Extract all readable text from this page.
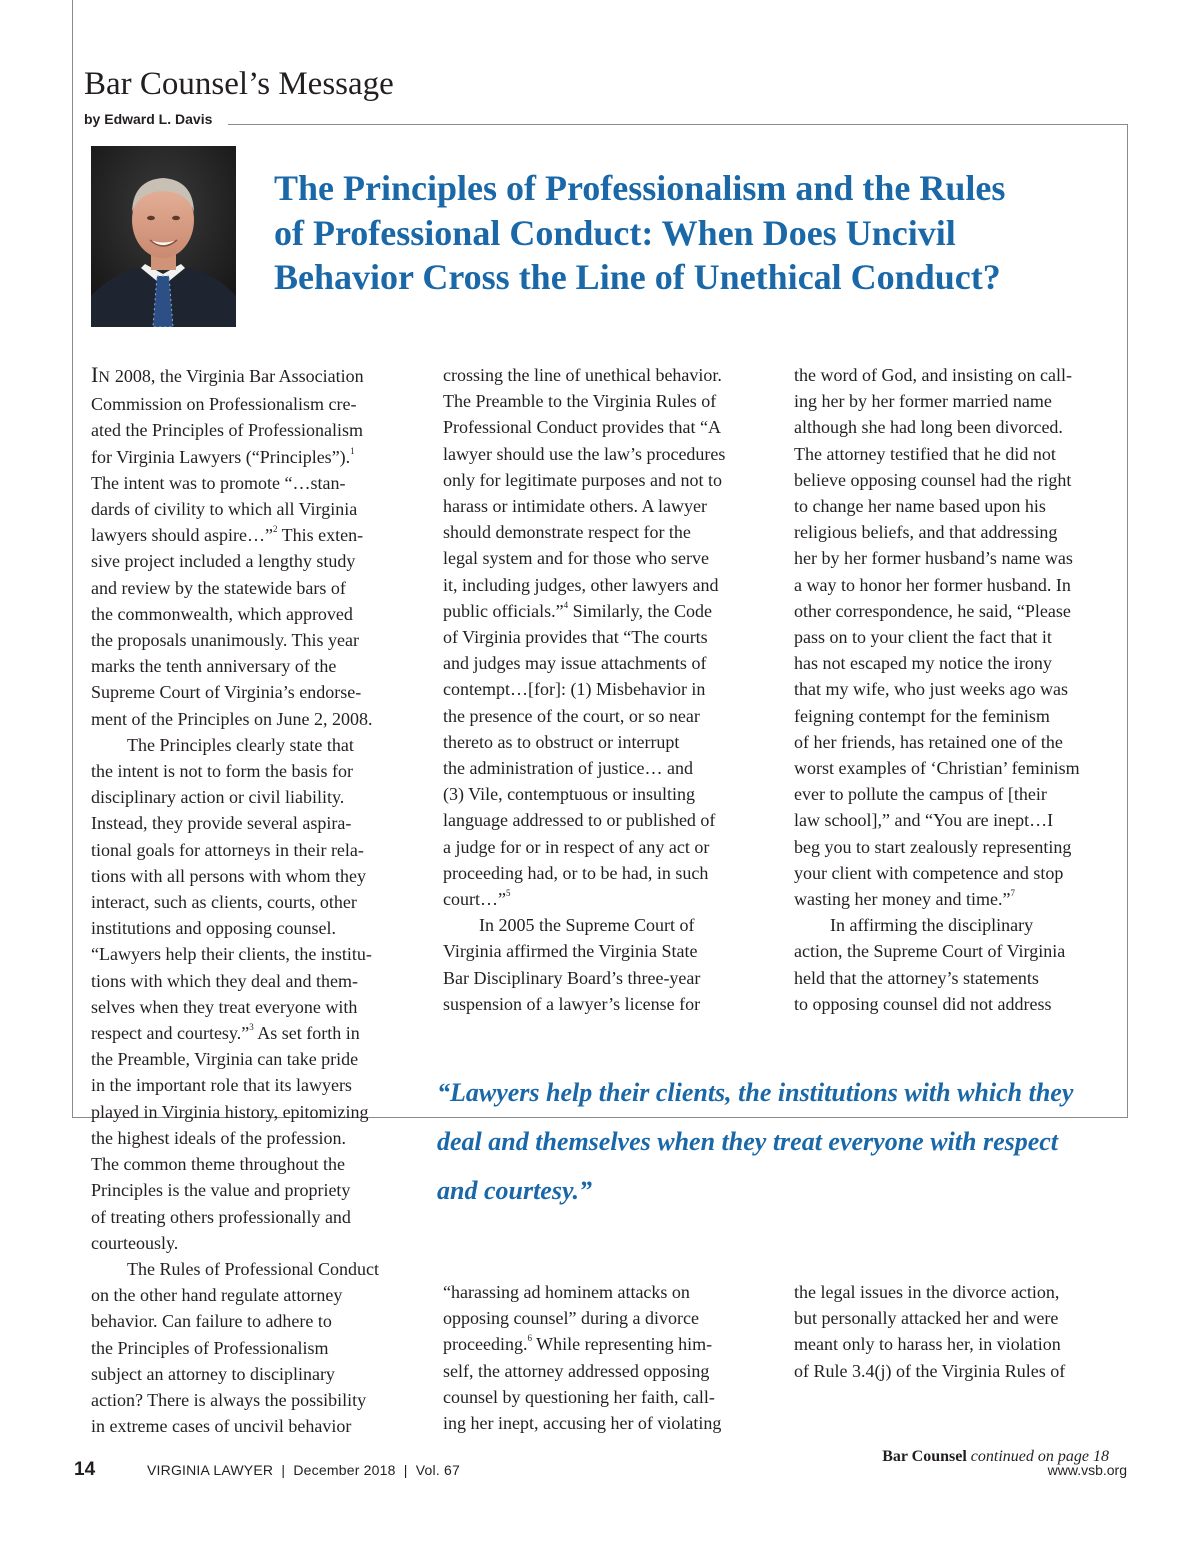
Bar Counsel’s Message
by Edward L. Davis
The Principles of Professionalism and the Rules
of Professional Conduct: When Does Uncivil
Behavior Cross the Line of Unethical Conduct?

IN 2008, the Virginia Bar Association

Commission on Professionalism cre-

ated the Principles of Professionalism

for Virginia Lawyers (“Principles”).$^1$

The intent was to promote “…stan-

dards of civility to which all Virginia

lawyers should aspire…”$^2$ This exten-

sive project included a lengthy study

and review by the statewide bars of

the commonwealth, which approved

the proposals unanimously. This year

marks the tenth anniversary of the

Supreme Court of Virginia’s endorse-

ment of the Principles on June 2, 2008.

The Principles clearly state that

the intent is not to form the basis for

disciplinary action or civil liability.

Instead, they provide several aspira-

tional goals for attorneys in their rela-

tions with all persons with whom they

interact, such as clients, courts, other

institutions and opposing counsel.

“Lawyers help their clients, the institu-

tions with which they deal and them-

selves when they treat everyone with

respect and courtesy.”$^3$ As set forth in

the Preamble, Virginia can take pride

in the important role that its lawyers

played in Virginia history, epitomizing

the highest ideals of the profession.

The common theme throughout the

Principles is the value and propriety

of treating others professionally and

courteously.

The Rules of Professional Conduct

on the other hand regulate attorney

behavior. Can failure to adhere to

the Principles of Professionalism

subject an attorney to disciplinary

action? There is always the possibility

in extreme cases of uncivil behavior

crossing the line of unethical behavior.

The Preamble to the Virginia Rules of

Professional Conduct provides that “A

lawyer should use the law’s procedures

only for legitimate purposes and not to

harass or intimidate others. A lawyer

should demonstrate respect for the

legal system and for those who serve

it, including judges, other lawyers and

public officials.”$^4$ Similarly, the Code

of Virginia provides that “The courts

and judges may issue attachments of

contempt…[for]: (1) Misbehavior in

the presence of the court, or so near

thereto as to obstruct or interrupt

the administration of justice… and

(3) Vile, contemptuous or insulting

language addressed to or published of

a judge for or in respect of any act or

proceeding had, or to be had, in such

court…”$^5$

In 2005 the Supreme Court of

Virginia affirmed the Virginia State

Bar Disciplinary Board’s three-year

suspension of a lawyer’s license for

the word of God, and insisting on call-

ing her by her former married name

although she had long been divorced.

The attorney testified that he did not

believe opposing counsel had the right

to change her name based upon his

religious beliefs, and that addressing

her by her former husband’s name was

a way to honor her former husband. In

other correspondence, he said, “Please

pass on to your client the fact that it

has not escaped my notice the irony

that my wife, who just weeks ago was

feigning contempt for the feminism

of her friends, has retained one of the

worst examples of ‘Christian’ feminism

ever to pollute the campus of [their

law school],” and “You are inept…I

beg you to start zealously representing

your client with competence and stop

wasting her money and time.”$^7$

In affirming the disciplinary

action, the Supreme Court of Virginia

held that the attorney’s statements

to opposing counsel did not address

“Lawyers help their clients, the institutions with which they
deal and themselves when they treat everyone with respect
and courtesy.”

“harassing ad hominem attacks on

opposing counsel” during a divorce

proceeding.$^6$ While representing him-

self, the attorney addressed opposing

counsel by questioning her faith, call-

ing her inept, accusing her of violating

the legal issues in the divorce action,

but personally attacked her and were

meant only to harass her, in violation

of Rule 3.4(j) of the Virginia Rules of

Bar Counsel continued on page 18
14	VIRGINIA LAWYER  |  December 2018  |  Vol. 67	www.vsb.org
